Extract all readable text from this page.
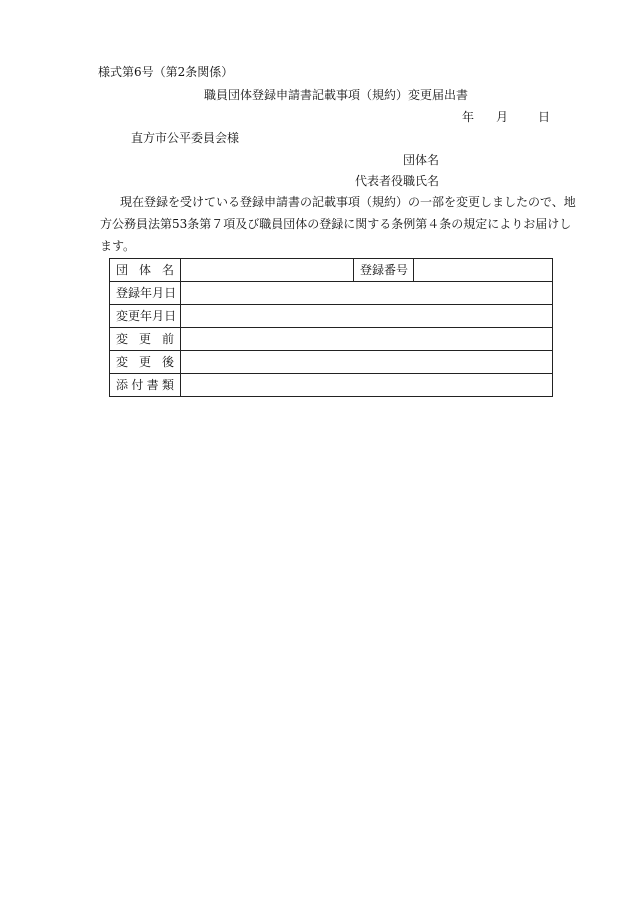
様式第6号（第2条関係）
職員団体登録申請書記載事項（規約）変更届出書
年 月	日
直方市公平委員会様
団体名
代表者役職氏名
現在登録を受けている登録申請書の記載事項（規約）の一部を変更しましたので、地
方公務員法第53条第７項及び職員団体の登録に関する条例第４条の規定によりお届けし
ます。
団 体 名		登録番号	

登 録 年 月 日			

変 更 年 月 日			

変 更 前			

変 更 後			

添 付 書 類			
